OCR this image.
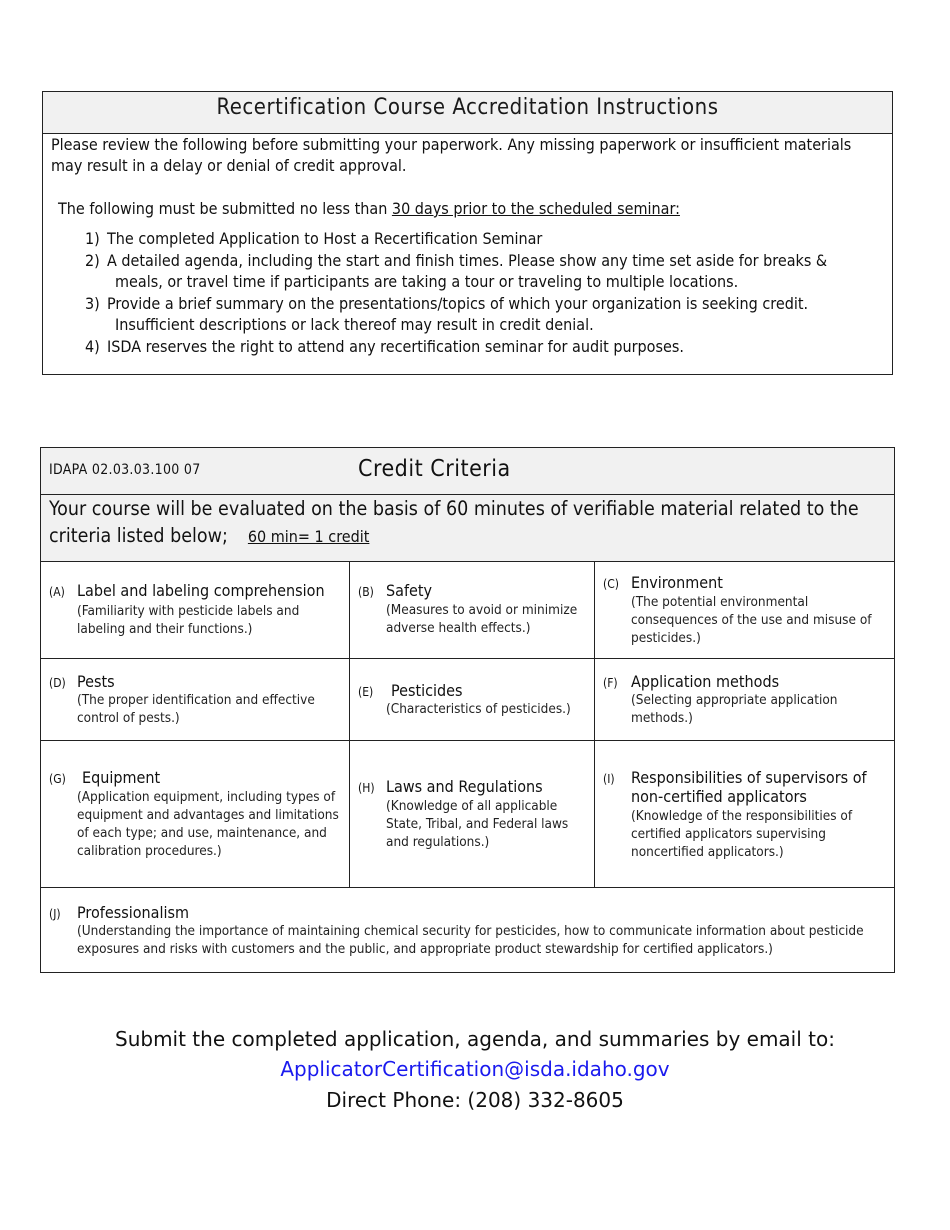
Recertification Course Accreditation Instructions
Please review the following before submitting your paperwork. Any missing paperwork or insufficient materials may result in a delay or denial of credit approval.
The following must be submitted no less than 30 days prior to the scheduled seminar:
1) The completed Application to Host a Recertification Seminar
2) A detailed agenda, including the start and finish times. Please show any time set aside for breaks &
meals, or travel time if participants are taking a tour or traveling to multiple locations.
3) Provide a brief summary on the presentations/topics of which your organization is seeking credit.
Insufficient descriptions or lack thereof may result in credit denial.
4) ISDA reserves the right to attend any recertification seminar for audit purposes.
IDAPA 02.03.03.100 07	Credit Criteria
Your course will be evaluated on the basis of 60 minutes of verifiable material related to the criteria listed below; 60 min= 1 credit
(A) Label and labeling comprehension
(Familiarity with pesticide labels and labeling and their functions.)
(B) Safety
(Measures to avoid or minimize adverse health effects.)
(C) Environment
(The potential environmental consequences of the use and misuse of pesticides.)
(D) Pests
(The proper identification and effective control of pests.)
(E) Pesticides
(Characteristics of pesticides.)
(F) Application methods
(Selecting appropriate application methods.)
(G) Equipment
(Application equipment, including types of equipment and advantages and limitations of each type; and use, maintenance, and calibration procedures.)
(H) Laws and Regulations
(Knowledge of all applicable State, Tribal, and Federal laws and regulations.)
(I) Responsibilities of supervisors of non-certified applicators
(Knowledge of the responsibilities of certified applicators supervising noncertified applicators.)
(J) Professionalism
(Understanding the importance of maintaining chemical security for pesticides, how to communicate information about pesticide exposures and risks with customers and the public, and appropriate product stewardship for certified applicators.)
Submit the completed application, agenda, and summaries by email to:
ApplicatorCertification@isda.idaho.gov
Direct Phone: (208) 332-8605
